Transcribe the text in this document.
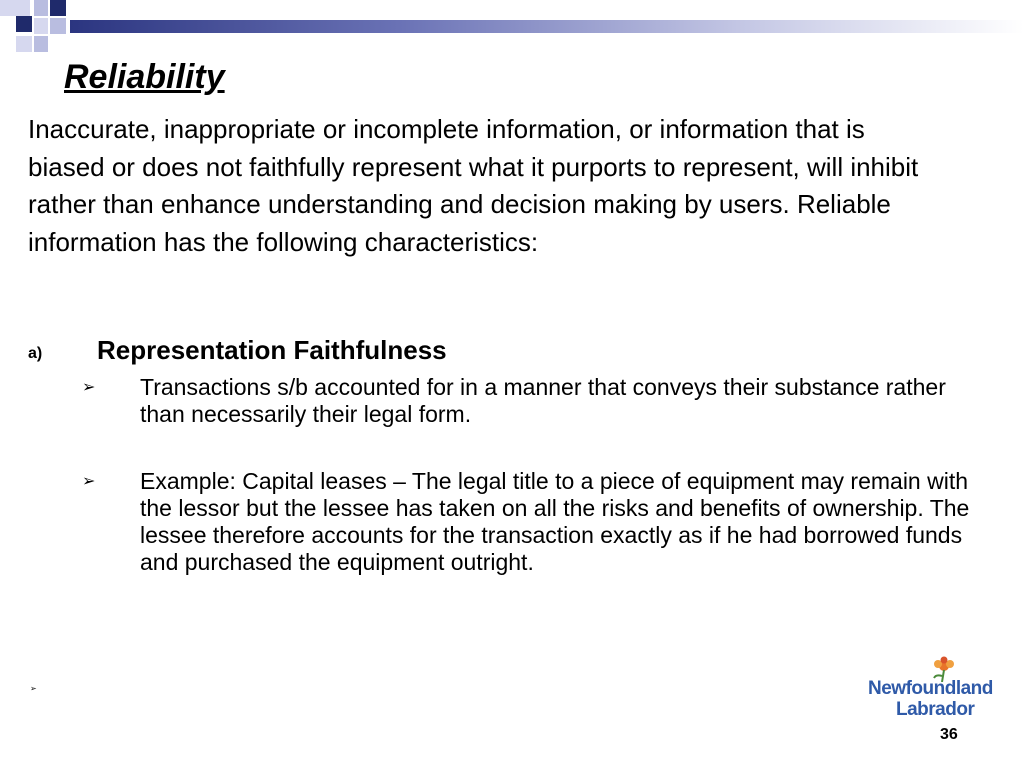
Reliability

Inaccurate, inappropriate or incomplete information, or information that is biased or does not faithfully represent what it purports to represent, will inhibit rather than enhance understanding and decision making by users. Reliable information has the following characteristics:

a) Representation Faithfulness
➢ Transactions s/b accounted for in a manner that conveys their substance rather than necessarily their legal form.

➢ Example: Capital leases – The legal title to a piece of equipment may remain with the lessor but the lessee has taken on all the risks and benefits of ownership. The lessee therefore accounts for the transaction exactly as if he had borrowed funds and purchased the equipment outright.

➢	Newfoundland
Labrador
36
